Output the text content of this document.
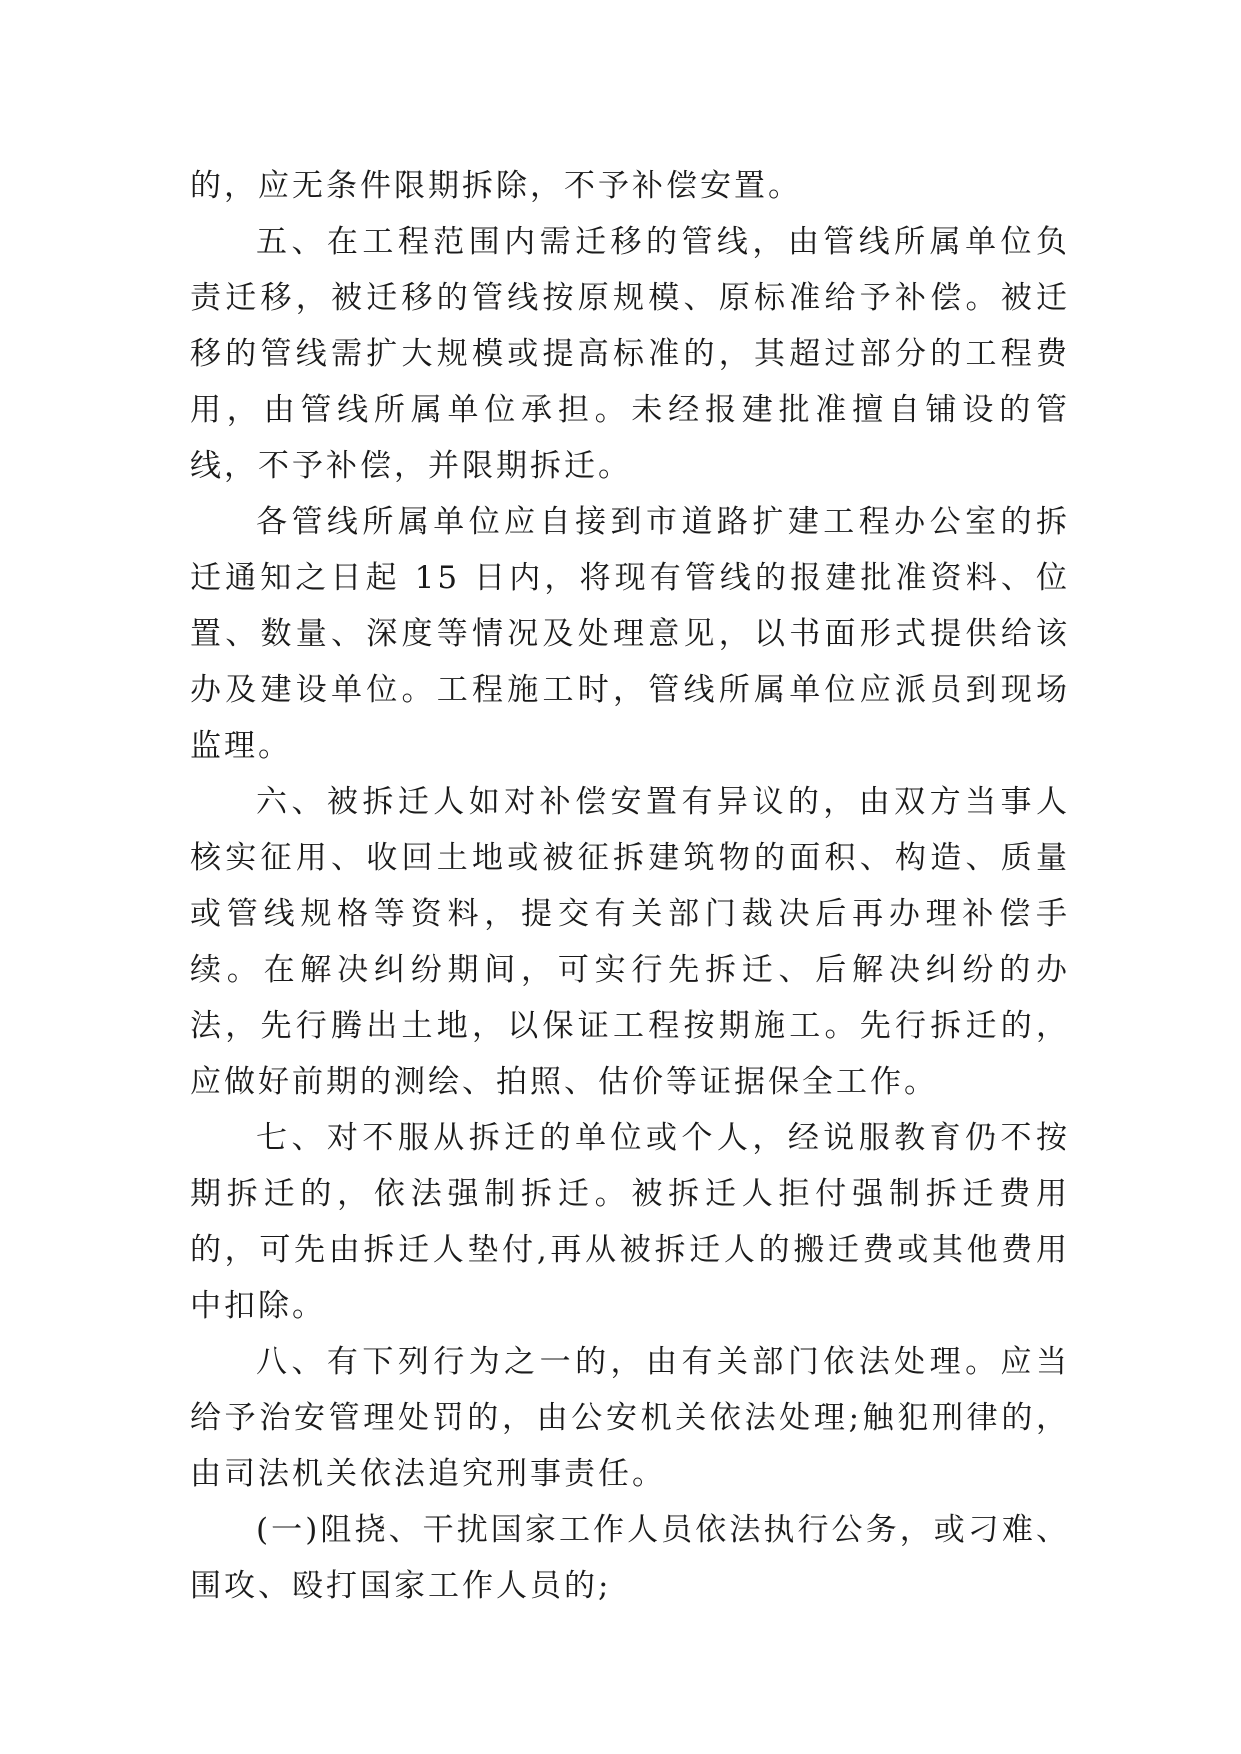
的，应无条件限期拆除，不予补偿安置。

五、在工程范围内需迁移的管线，由管线所属单位负责迁移，被迁移的管线按原规模、原标准给予补偿。被迁移的管线需扩大规模或提高标准的，其超过部分的工程费用，由管线所属单位承担。未经报建批准擅自铺设的管线，不予补偿，并限期拆迁。

各管线所属单位应自接到市道路扩建工程办公室的拆迁通知之日起 15 日内，将现有管线的报建批准资料、位置、数量、深度等情况及处理意见，以书面形式提供给该办及建设单位。工程施工时，管线所属单位应派员到现场监理。

六、被拆迁人如对补偿安置有异议的，由双方当事人核实征用、收回土地或被征拆建筑物的面积、构造、质量或管线规格等资料，提交有关部门裁决后再办理补偿手续。在解决纠纷期间，可实行先拆迁、后解决纠纷的办法，先行腾出土地，以保证工程按期施工。先行拆迁的，应做好前期的测绘、拍照、估价等证据保全工作。

七、对不服从拆迁的单位或个人，经说服教育仍不按期拆迁的，依法强制拆迁。被拆迁人拒付强制拆迁费用的，可先由拆迁人垫付,再从被拆迁人的搬迁费或其他费用中扣除。

八、有下列行为之一的，由有关部门依法处理。应当给予治安管理处罚的，由公安机关依法处理;触犯刑律的，由司法机关依法追究刑事责任。

(一)阻挠、干扰国家工作人员依法执行公务，或刁难、围攻、殴打国家工作人员的;
